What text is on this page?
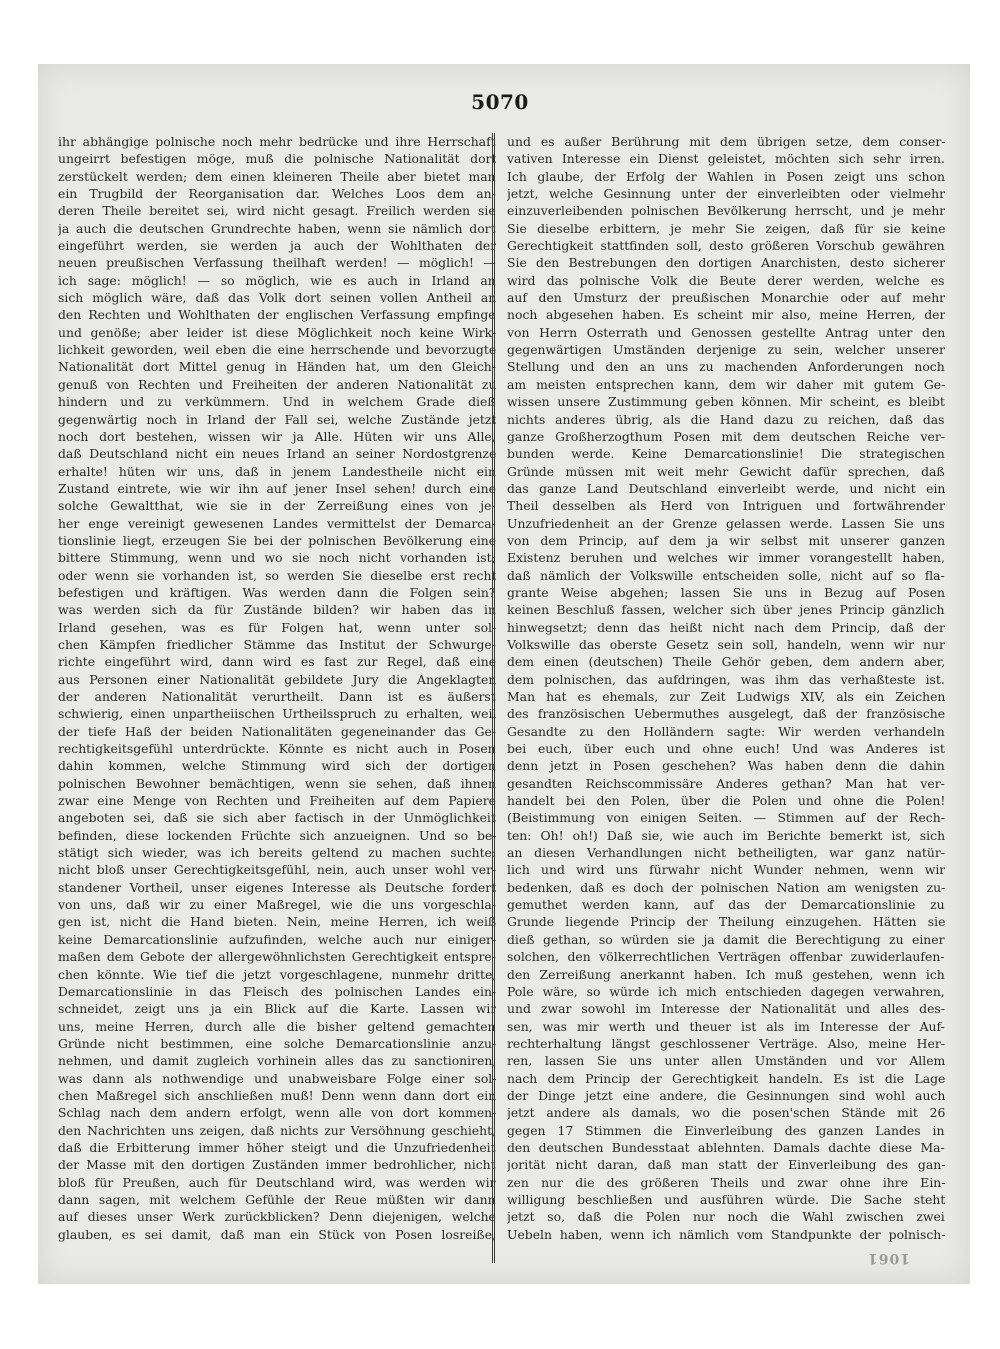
5070

ihr abhängige polnische noch mehr bedrücke und ihre Herrschaft
ungeirrt befestigen möge, muß die polnische Nationalität dort
zerstückelt werden; dem einen kleineren Theile aber bietet man
ein Trugbild der Reorganisation dar. Welches Loos dem an-
deren Theile bereitet sei, wird nicht gesagt. Freilich werden sie
ja auch die deutschen Grundrechte haben, wenn sie nämlich dort
eingeführt werden, sie werden ja auch der Wohlthaten der
neuen preußischen Verfassung theilhaft werden! — möglich! —
ich sage: möglich! — so möglich, wie es auch in Irland an
sich möglich wäre, daß das Volk dort seinen vollen Antheil an
den Rechten und Wohlthaten der englischen Verfassung empfinge
und genöße; aber leider ist diese Möglichkeit noch keine Wirk-
lichkeit geworden, weil eben die eine herrschende und bevorzugte
Nationalität dort Mittel genug in Händen hat, um den Gleich-
genuß von Rechten und Freiheiten der anderen Nationalität zu
hindern und zu verkümmern. Und in welchem Grade dieß
gegenwärtig noch in Irland der Fall sei, welche Zustände jetzt
noch dort bestehen, wissen wir ja Alle. Hüten wir uns Alle,
daß Deutschland nicht ein neues Irland an seiner Nordostgrenze
erhalte! hüten wir uns, daß in jenem Landestheile nicht ein
Zustand eintrete, wie wir ihn auf jener Insel sehen! durch eine
solche Gewaltthat, wie sie in der Zerreißung eines von je-
her enge vereinigt gewesenen Landes vermittelst der Demarca-
tionslinie liegt, erzeugen Sie bei der polnischen Bevölkerung eine
bittere Stimmung, wenn und wo sie noch nicht vorhanden ist;
oder wenn sie vorhanden ist, so werden Sie dieselbe erst recht
befestigen und kräftigen. Was werden dann die Folgen sein?
was werden sich da für Zustände bilden? wir haben das in
Irland gesehen, was es für Folgen hat, wenn unter sol-
chen Kämpfen friedlicher Stämme das Institut der Schwurge-
richte eingeführt wird, dann wird es fast zur Regel, daß eine
aus Personen einer Nationalität gebildete Jury die Angeklagten
der anderen Nationalität verurtheilt. Dann ist es äußerst
schwierig, einen unpartheiischen Urtheilsspruch zu erhalten, weil
der tiefe Haß der beiden Nationalitäten gegeneinander das Ge-
rechtigkeitsgefühl unterdrückte. Könnte es nicht auch in Posen
dahin kommen, welche Stimmung wird sich der dortigen
polnischen Bewohner bemächtigen, wenn sie sehen, daß ihnen
zwar eine Menge von Rechten und Freiheiten auf dem Papiere
angeboten sei, daß sie sich aber factisch in der Unmöglichkeit
befinden, diese lockenden Früchte sich anzueignen. Und so be-
stätigt sich wieder, was ich bereits geltend zu machen suchte:
nicht bloß unser Gerechtigkeitsgefühl, nein, auch unser wohl ver-
standener Vortheil, unser eigenes Interesse als Deutsche fordert
von uns, daß wir zu einer Maßregel, wie die uns vorgeschla-
gen ist, nicht die Hand bieten. Nein, meine Herren, ich weiß
keine Demarcationslinie aufzufinden, welche auch nur einiger-
maßen dem Gebote der allergewöhnlichsten Gerechtigkeit entspre-
chen könnte. Wie tief die jetzt vorgeschlagene, nunmehr dritte,
Demarcationslinie in das Fleisch des polnischen Landes ein-
schneidet, zeigt uns ja ein Blick auf die Karte. Lassen wir
uns, meine Herren, durch alle die bisher geltend gemachten
Gründe nicht bestimmen, eine solche Demarcationslinie anzu-
nehmen, und damit zugleich vorhinein alles das zu sanctioniren,
was dann als nothwendige und unabweisbare Folge einer sol-
chen Maßregel sich anschließen muß! Denn wenn dann dort ein
Schlag nach dem andern erfolgt, wenn alle von dort kommen-
den Nachrichten uns zeigen, daß nichts zur Versöhnung geschieht,
daß die Erbitterung immer höher steigt und die Unzufriedenheit
der Masse mit den dortigen Zuständen immer bedrohlicher, nicht
bloß für Preußen, auch für Deutschland wird, was werden wir
dann sagen, mit welchem Gefühle der Reue müßten wir dann
auf dieses unser Werk zurückblicken? Denn diejenigen, welche
glauben, es sei damit, daß man ein Stück von Posen losreiße,
und es außer Berührung mit dem übrigen setze, dem conser-
vativen Interesse ein Dienst geleistet, möchten sich sehr irren.
Ich glaube, der Erfolg der Wahlen in Posen zeigt uns schon
jetzt, welche Gesinnung unter der einverleibten oder vielmehr
einzuverleibenden polnischen Bevölkerung herrscht, und je mehr
Sie dieselbe erbittern, je mehr Sie zeigen, daß für sie keine
Gerechtigkeit stattfinden soll, desto größeren Vorschub gewähren
Sie den Bestrebungen den dortigen Anarchisten, desto sicherer
wird das polnische Volk die Beute derer werden, welche es
auf den Umsturz der preußischen Monarchie oder auf mehr
noch abgesehen haben. Es scheint mir also, meine Herren, der
von Herrn Osterrath und Genossen gestellte Antrag unter den
gegenwärtigen Umständen derjenige zu sein, welcher unserer
Stellung und den an uns zu machenden Anforderungen noch
am meisten entsprechen kann, dem wir daher mit gutem Ge-
wissen unsere Zustimmung geben können. Mir scheint, es bleibt
nichts anderes übrig, als die Hand dazu zu reichen, daß das
ganze Großherzogthum Posen mit dem deutschen Reiche ver-
bunden werde. Keine Demarcationslinie! Die strategischen
Gründe müssen mit weit mehr Gewicht dafür sprechen, daß
das ganze Land Deutschland einverleibt werde, und nicht ein
Theil desselben als Herd von Intriguen und fortwährender
Unzufriedenheit an der Grenze gelassen werde. Lassen Sie uns
von dem Princip, auf dem ja wir selbst mit unserer ganzen
Existenz beruhen und welches wir immer vorangestellt haben,
daß nämlich der Volkswille entscheiden solle, nicht auf so fla-
grante Weise abgehen; lassen Sie uns in Bezug auf Posen
keinen Beschluß fassen, welcher sich über jenes Princip gänzlich
hinwegsetzt; denn das heißt nicht nach dem Princip, daß der
Volkswille das oberste Gesetz sein soll, handeln, wenn wir nur
dem einen (deutschen) Theile Gehör geben, dem andern aber,
dem polnischen, das aufdringen, was ihm das verhaßteste ist.
Man hat es ehemals, zur Zeit Ludwigs XIV, als ein Zeichen
des französischen Uebermuthes ausgelegt, daß der französische
Gesandte zu den Holländern sagte: Wir werden verhandeln
bei euch, über euch und ohne euch! Und was Anderes ist
denn jetzt in Posen geschehen? Was haben denn die dahin
gesandten Reichscommissäre Anderes gethan? Man hat ver-
handelt bei den Polen, über die Polen und ohne die Polen!
(Beistimmung von einigen Seiten. — Stimmen auf der Rech-
ten: Oh! oh!) Daß sie, wie auch im Berichte bemerkt ist, sich
an diesen Verhandlungen nicht betheiligten, war ganz natür-
lich und wird uns fürwahr nicht Wunder nehmen, wenn wir
bedenken, daß es doch der polnischen Nation am wenigsten zu-
gemuthet werden kann, auf das der Demarcationslinie zu
Grunde liegende Princip der Theilung einzugehen. Hätten sie
dieß gethan, so würden sie ja damit die Berechtigung zu einer
solchen, den völkerrechtlichen Verträgen offenbar zuwiderlaufen-
den Zerreißung anerkannt haben. Ich muß gestehen, wenn ich
Pole wäre, so würde ich mich entschieden dagegen verwahren,
und zwar sowohl im Interesse der Nationalität und alles des-
sen, was mir werth und theuer ist als im Interesse der Auf-
rechterhaltung längst geschlossener Verträge. Also, meine Her-
ren, lassen Sie uns unter allen Umständen und vor Allem
nach dem Princip der Gerechtigkeit handeln. Es ist die Lage
der Dinge jetzt eine andere, die Gesinnungen sind wohl auch
jetzt andere als damals, wo die posen'schen Stände mit 26
gegen 17 Stimmen die Einverleibung des ganzen Landes in
den deutschen Bundesstaat ablehnten. Damals dachte diese Ma-
jorität nicht daran, daß man statt der Einverleibung des gan-
zen nur die des größeren Theils und zwar ohne ihre Ein-
willigung beschließen und ausführen würde. Die Sache steht
jetzt so, daß die Polen nur noch die Wahl zwischen zwei
Uebeln haben, wenn ich nämlich vom Standpunkte der polnisch-
1061
